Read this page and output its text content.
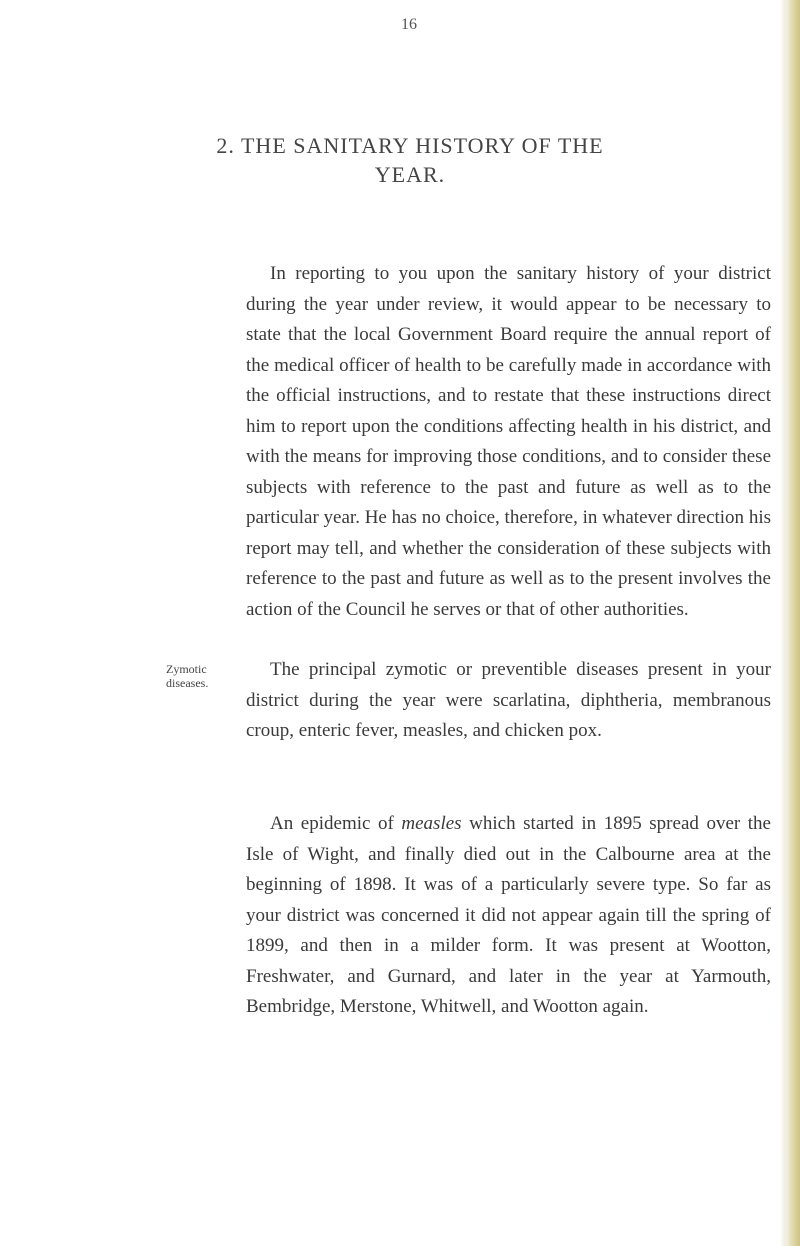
16
2. THE SANITARY HISTORY OF THE YEAR.

In reporting to you upon the sanitary history of your district during the year under review, it would appear to be necessary to state that the local Government Board require the annual report of the medical officer of health to be carefully made in accordance with the official instructions, and to restate that these instructions direct him to report upon the conditions affecting health in his district, and with the means for improving those conditions, and to consider these subjects with reference to the past and future as well as to the particular year. He has no choice, therefore, in whatever direction his report may tell, and whether the consideration of these subjects with reference to the past and future as well as to the present involves the action of the Council he serves or that of other authorities.

Zymotic diseases.

The principal zymotic or preventible diseases present in your district during the year were scarlatina, diphtheria, membranous croup, enteric fever, measles, and chicken pox.

An epidemic of measles which started in 1895 spread over the Isle of Wight, and finally died out in the Calbourne area at the beginning of 1898. It was of a particularly severe type. So far as your district was concerned it did not appear again till the spring of 1899, and then in a milder form. It was present at Wootton, Freshwater, and Gurnard, and later in the year at Yarmouth, Bembridge, Merstone, Whitwell, and Wootton again.
